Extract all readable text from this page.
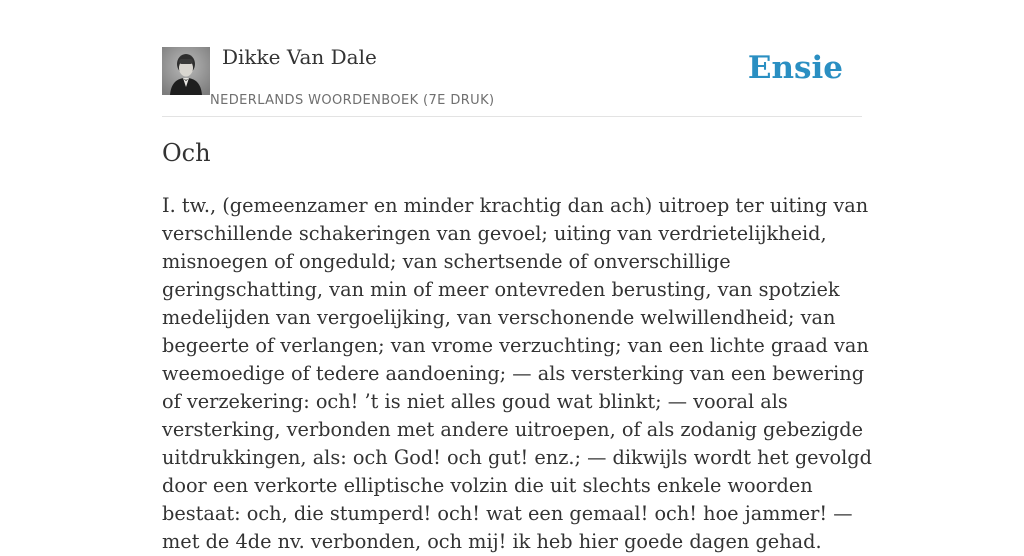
Dikke Van Dale
NEDERLANDS WOORDENBOEK (7E DRUK)
Ensie
Och

I. tw., (gemeenzamer en minder krachtig dan ach) uitroep ter uiting van verschillende schakeringen van gevoel; uiting van verdrietelijkheid, misnoegen of ongeduld; van schertsende of onverschillige geringschatting, van min of meer ontevreden berusting, van spotziek medelijden van vergoelijking, van verschonende welwillendheid; van begeerte of verlangen; van vrome verzuchting; van een lichte graad van weemoedige of tedere aandoening; — als versterking van een bewering of verzekering: och! ’t is niet alles goud wat blinkt; — vooral als versterking, verbonden met andere uitroepen, of als zodanig gebezigde uitdrukkingen, als: och God! och gut! enz.; — dikwijls wordt het gevolgd door een verkorte elliptische volzin die uit slechts enkele woorden bestaat: och, die stumperd! och! wat een gemaal! och! hoe jammer! — met de 4de nv. verbonden, och mij! ik heb hier goede dagen gehad.
